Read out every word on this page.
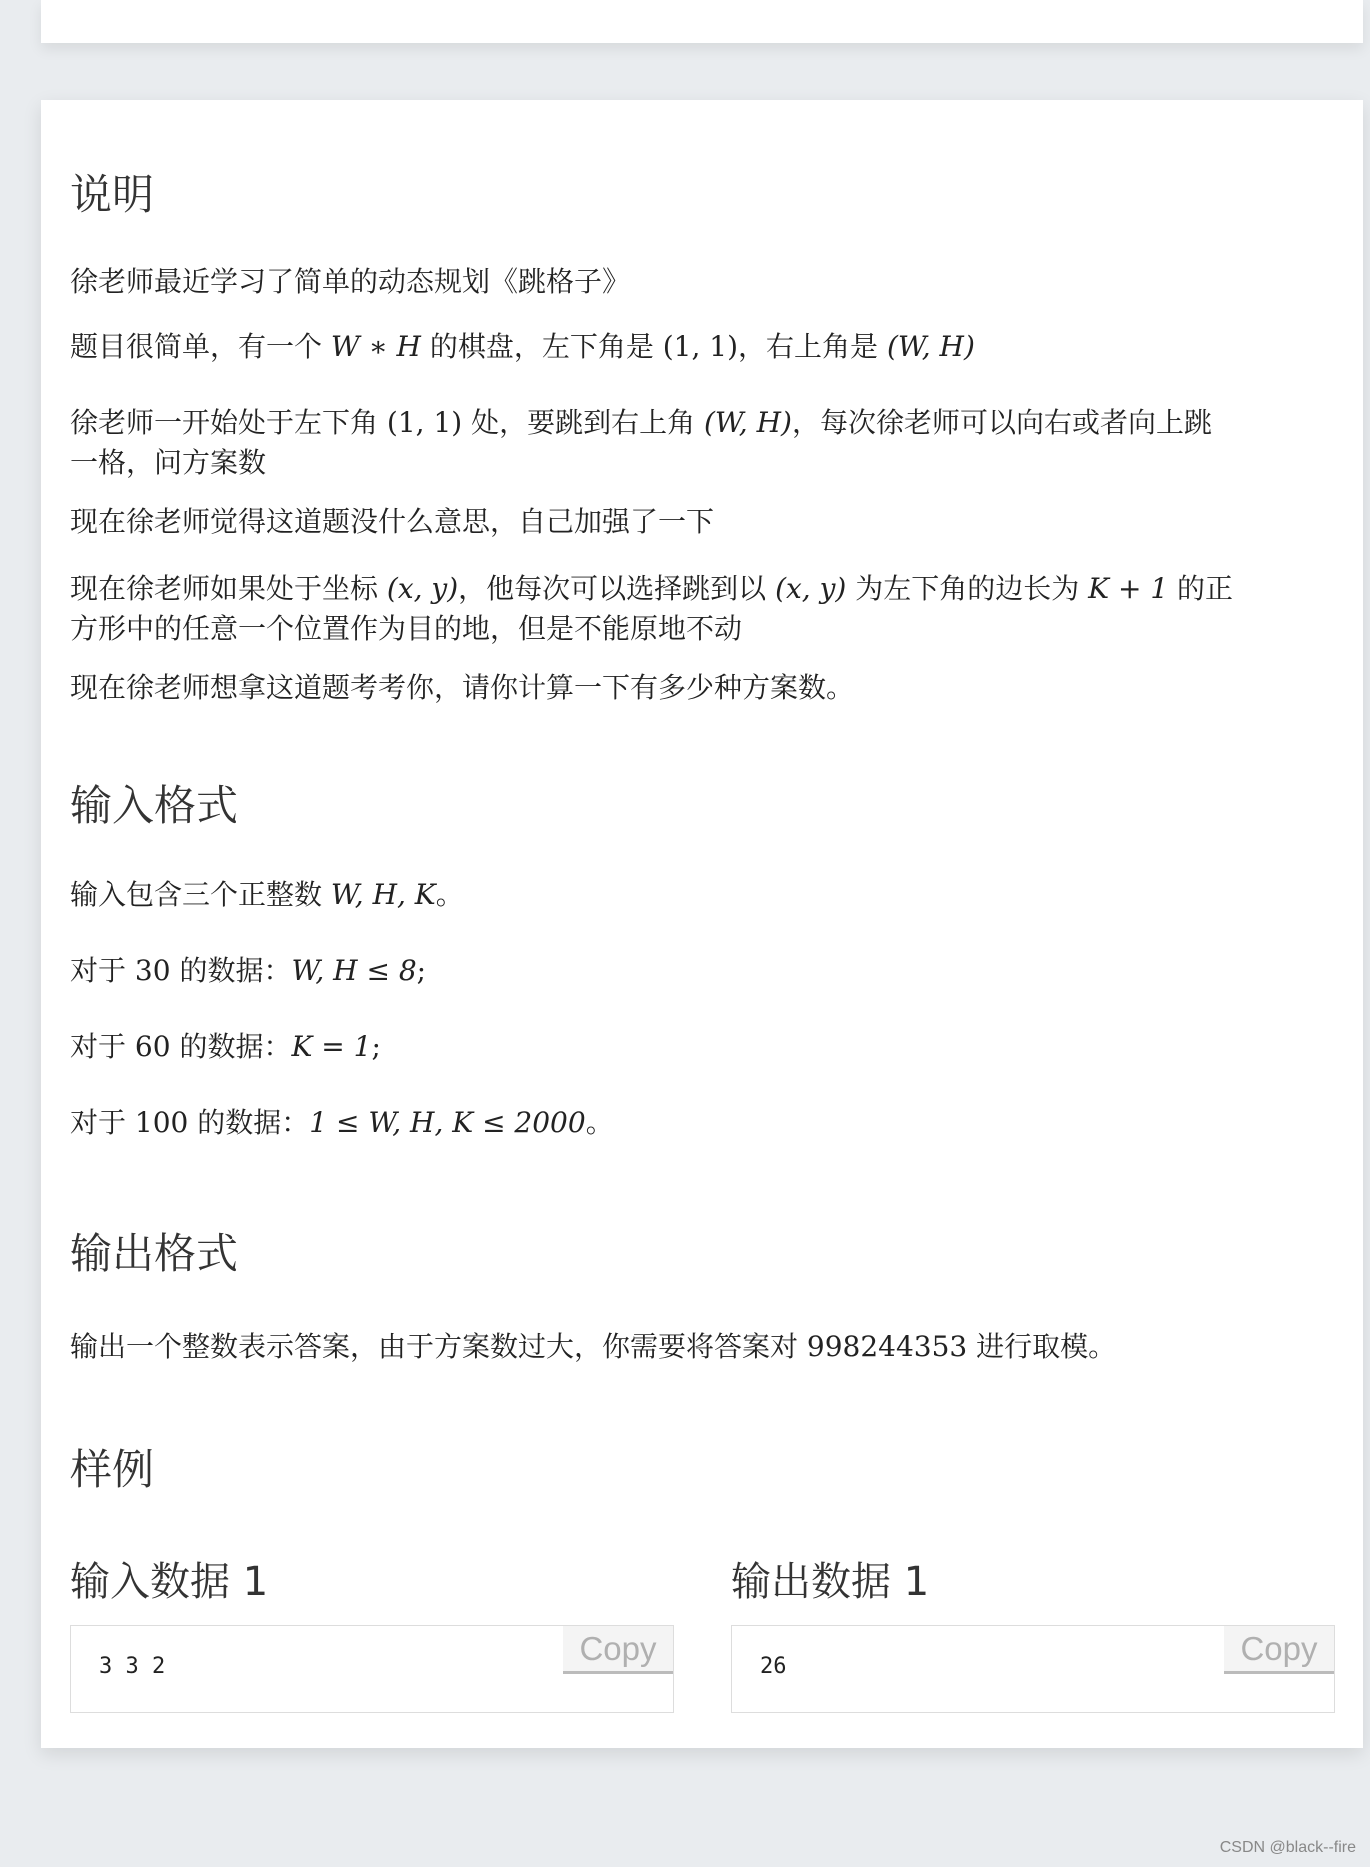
说明

徐老师最近学习了简单的动态规划《跳格子》

题目很简单，有一个 W ∗ H 的棋盘，左下角是 (1, 1)，右上角是 (W, H)

徐老师一开始处于左下角 (1, 1) 处，要跳到右上角 (W, H)，每次徐老师可以向右或者向上跳

一格，问方案数

现在徐老师觉得这道题没什么意思，自己加强了一下

现在徐老师如果处于坐标 (x, y)，他每次可以选择跳到以 (x, y) 为左下角的边长为 K + 1 的正

方形中的任意一个位置作为目的地，但是不能原地不动

现在徐老师想拿这道题考考你，请你计算一下有多少种方案数。

输入格式

输入包含三个正整数 W, H, K。

对于 30 的数据：W, H ≤ 8;

对于 60 的数据：K = 1;

对于 100 的数据：1 ≤ W, H, K ≤ 2000。

输出格式

输出一个整数表示答案，由于方案数过大，你需要将答案对 998244353 进行取模。

样例
输入数据 1	输出数据 1
3 3 2	Copy	26	Copy
CSDN @black--fire
